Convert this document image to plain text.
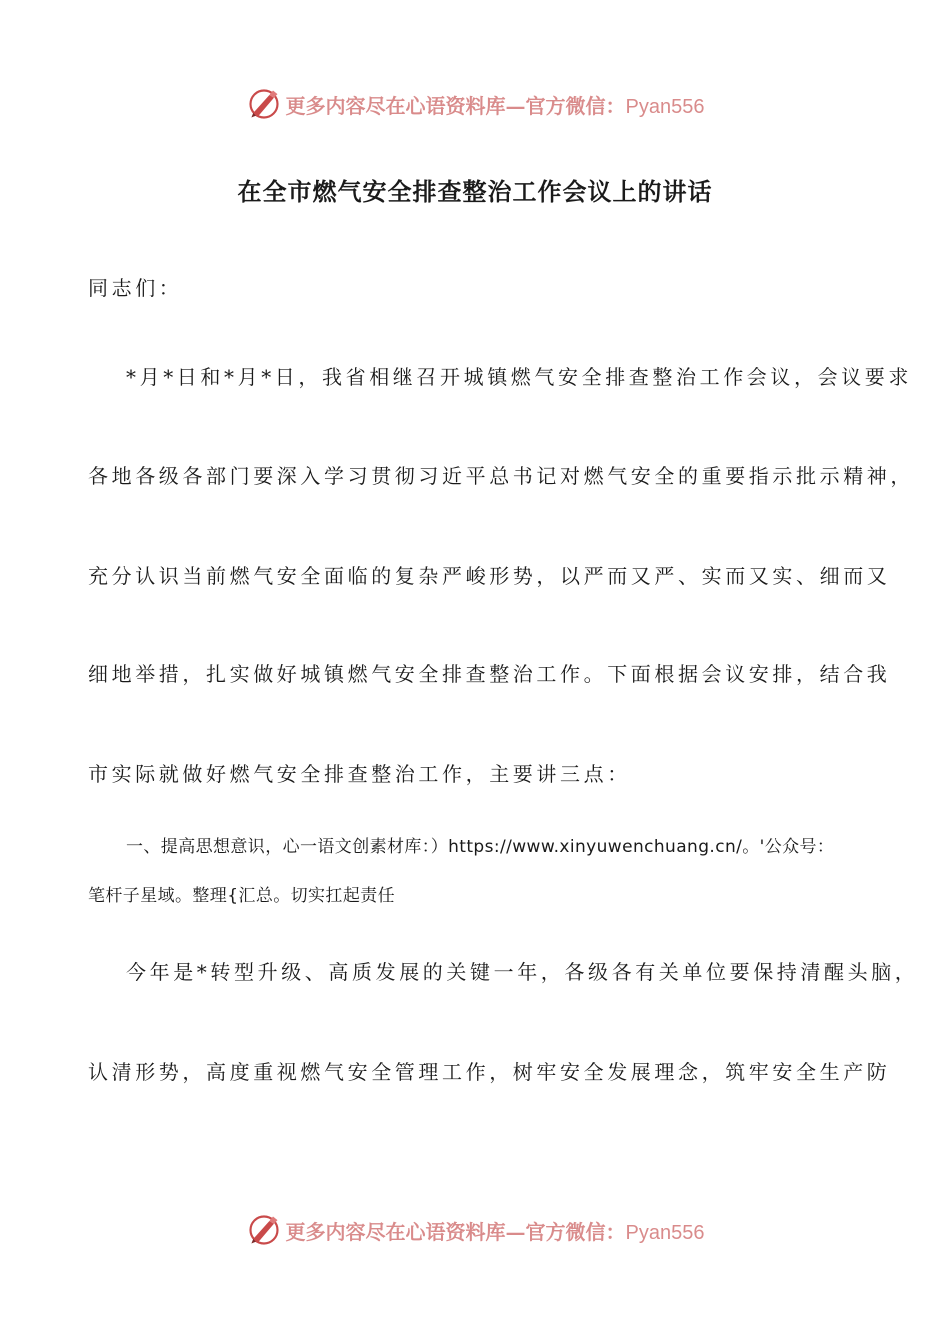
更多内容尽在心语资料库—官方微信：Pyan556
在全市燃气安全排查整治工作会议上的讲话
同志们：
*月*日和*月*日，我省相继召开城镇燃气安全排查整治工作会议，会议要求
各地各级各部门要深入学习贯彻习近平总书记对燃气安全的重要指示批示精神，
充分认识当前燃气安全面临的复杂严峻形势，以严而又严、实而又实、细而又
细地举措，扎实做好城镇燃气安全排查整治工作。下面根据会议安排，结合我
市实际就做好燃气安全排查整治工作，主要讲三点：
一、提高思想意识，心一语文创素材库：）https://www.xinyuwenchuang.cn/。'公众号：
笔杆子星域。整理{汇总。切实扛起责任
今年是*转型升级、高质发展的关键一年，各级各有关单位要保持清醒头脑，
认清形势，高度重视燃气安全管理工作，树牢安全发展理念，筑牢安全生产防
更多内容尽在心语资料库—官方微信：Pyan556
